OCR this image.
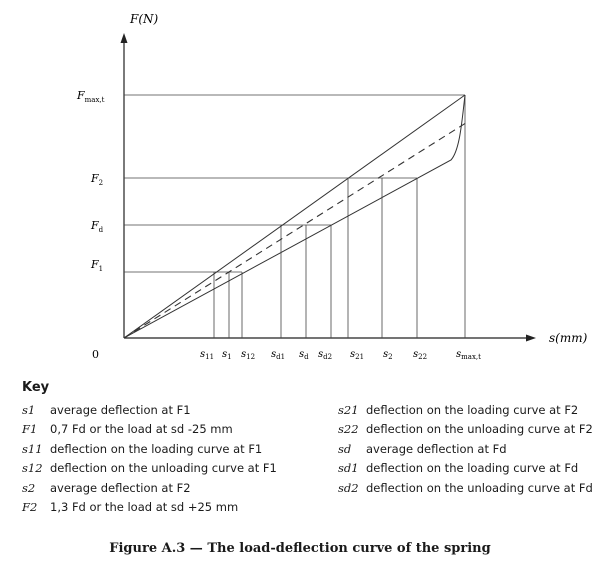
F(N)
s(mm)
0
$F_{max,t}$
$F_2$
$F_d$
$F_1$
$s_{11}$ $s_1$ $s_{12}$ $s_{d1}$ $s_d$ $s_{d2}$ $s_{21}$ $s_2$ $s_{22}$	$s_{max,t}$
Key
s1 average deflection at F1
F1 0,7 Fd or the load at sd -25 mm
s11 deflection on the loading curve at F1
s12 deflection on the unloading curve at F1
s2 average deflection at F2
F2 1,3 Fd or the load at sd +25 mm
s21 deflection on the loading curve at F2
s22 deflection on the unloading curve at F2
sd average deflection at Fd
sd1 deflection on the loading curve at Fd
sd2 deflection on the unloading curve at Fd
Figure A.3 — The load-deflection curve of the spring
